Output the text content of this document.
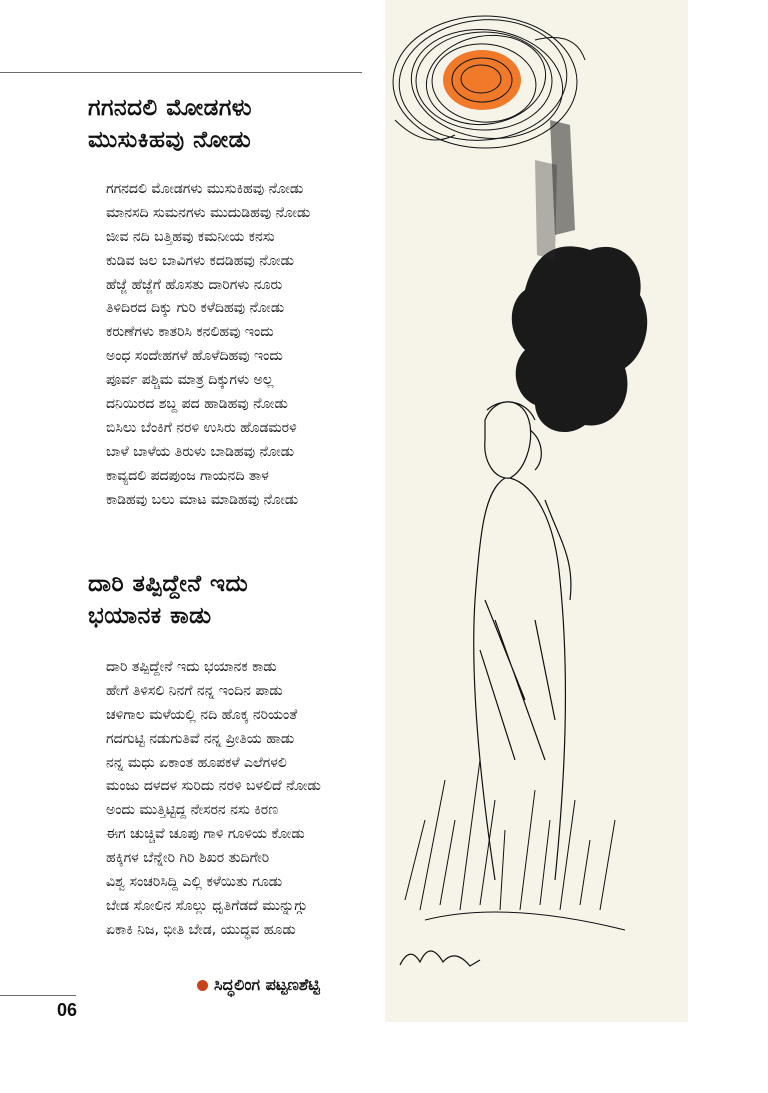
ಗಗನದಲಿ ಮೋಡಗಳು
ಮುಸುಕಿಹವು ನೋಡು
ಗಗನದಲಿ ಮೋಡಗಳು ಮುಸುಕಿಹವು ನೋಡು
ಮಾನಸದಿ ಸುಮನಗಳು ಮುದುಡಿಹವು ನೋಡು
ಜೀವ ನದಿ ಬತ್ತಿಹವು ಕಮನೀಯ ಕನಸು
ಕುಡಿವ ಜಲ ಬಾವಿಗಳು ಕದಡಿಹವು ನೋಡು
ಹೆಜ್ಜೆ ಹೆಜ್ಜೆಗೆ ಹೊಸತು ದಾರಿಗಳು ನೂರು
ತಿಳಿದಿರದ ದಿಕ್ಕು ಗುರಿ ಕಳೆದಿಹವು ನೋಡು
ಕರುಣೆಗಳು ಕಾತರಿಸಿ ಕನಲಿಹವು ಇಂದು
ಅಂಧ ಸಂದೇಹಗಳೆ ಹೊಳೆದಿಹವು ಇಂದು
ಪೂರ್ವ ಪಶ್ಚಿಮ ಮಾತ್ರ ದಿಕ್ಕುಗಳು ಅಲ್ಲ
ದನಿಯಿರದ ಶಬ್ದ ಪದ ಹಾಡಿಹವು ನೋಡು
ಬಿಸಿಲು ಬೆಂಕಿಗೆ ನರಳಿ ಉಸಿರು ಹೊಡಮರಳಿ
ಬಾಳೆ ಬಾಳೆಯ ತಿರುಳು ಬಾಡಿಹವು ನೋಡು
ಕಾವ್ಯದಲಿ ಪದಪುಂಜ ಗಾಯನದಿ ತಾಳ
ಕಾಡಿಹವು ಬಲು ಮಾಟ ಮಾಡಿಹವು ನೋಡು
ದಾರಿ ತಪ್ಪಿದ್ದೇನೆ ಇದು
ಭಯಾನಕ ಕಾಡು
ದಾರಿ ತಪ್ಪಿದ್ದೇನೆ ಇದು ಭಯಾನಕ ಕಾಡು
ಹೇಗೆ ತಿಳಿಸಲಿ ನಿನಗೆ ನನ್ನ ಇಂದಿನ ಪಾಡು
ಚಳಿಗಾಲ ಮಳೆಯಲ್ಲಿ ನದಿ ಹೊಕ್ಕ ನರಿಯಂತೆ
ಗದಗುಟ್ಟಿ ನಡುಗುತಿವೆ ನನ್ನ ಪ್ರೀತಿಯ ಹಾಡು
ನನ್ನ ಮಧು ಏಕಾಂತ ಹೂಪಕಳೆ ಎಲೆಗಳಲಿ
ಮಂಜು ದಳದಳ ಸುರಿದು ನರಳಿ ಬಳಲಿದೆ ನೋಡು
ಅಂದು ಮುತ್ತಿಟ್ಟಿದ್ದ ನೇಸರನ ನಸು ಕಿರಣ
ಈಗ ಚುಚ್ಚಿವೆ ಚೂಪು ಗಾಳಿ ಗೂಳಿಯ ಕೋಡು
ಹಕ್ಕಿಗಳ ಬೆನ್ನೇರಿ ಗಿರಿ ಶಿಖರ ತುದಿಗೇರಿ
ವಿಶ್ವ ಸಂಚರಿಸಿದ್ದಿ ಎಲ್ಲಿ ಕಳೆಯಿತು ಗೂಡು
ಬೇಡ ಸೋಲಿನ ಸೊಲ್ಲು ಧೃತಿಗೆಡದೆ ಮುನ್ನುಗ್ಗು
ಏಕಾಕಿ ನಿಜ, ಭೀತಿ ಬೇಡ, ಯುದ್ಧವ ಹೂಡು
ಸಿದ್ಧಲಿಂಗ ಪಟ್ಟಣಶೆಟ್ಟಿ
06
